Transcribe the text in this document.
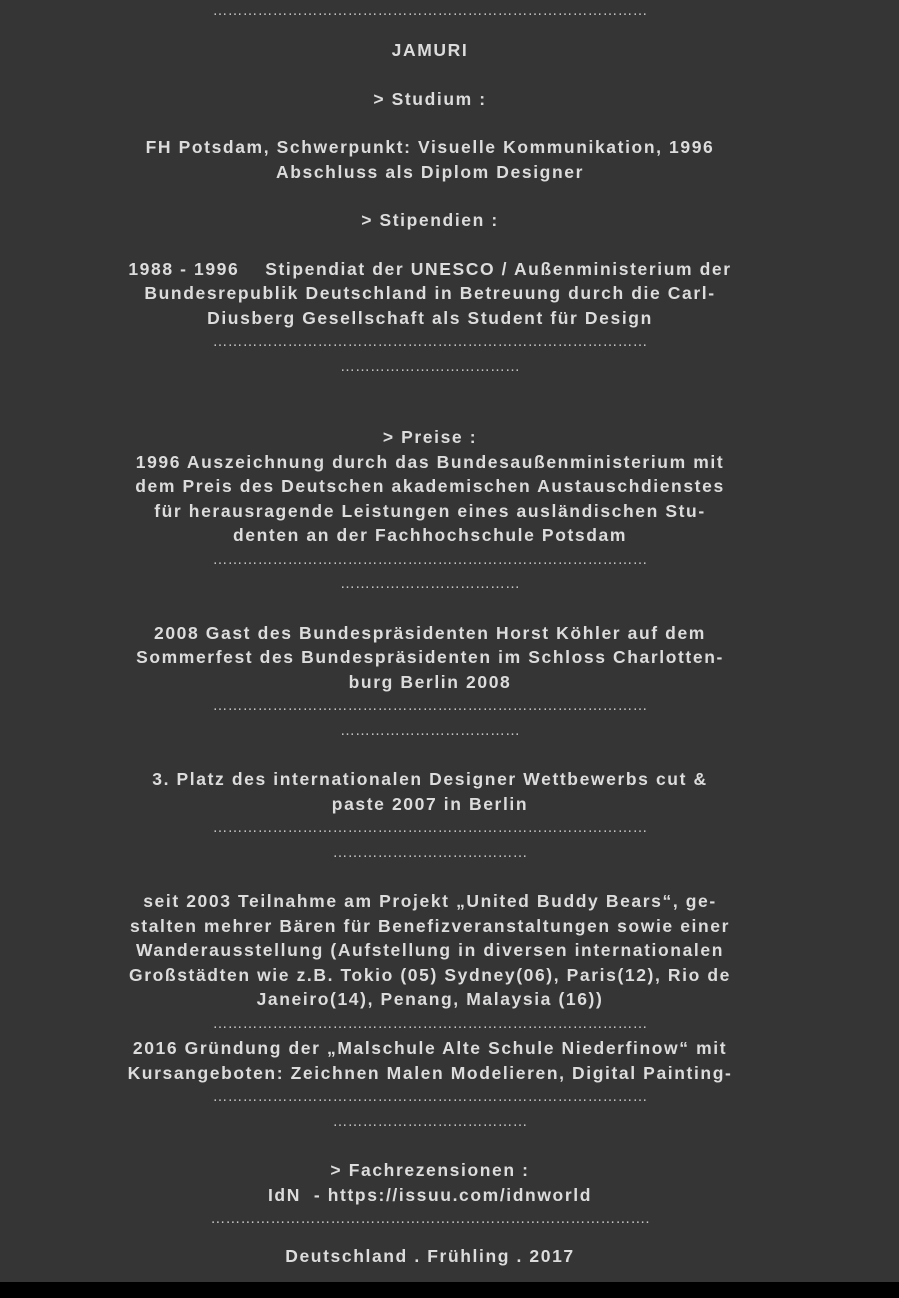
……………………………………………………………………………
JAMURI
> Studium :
FH Potsdam, Schwerpunkt: Visuelle Kommunikation, 1996
Abschluss als Diplom Designer
> Stipendien :
1988 - 1996    Stipendiat der UNESCO / Außenministerium der
Bundesrepublik Deutschland in Betreuung durch die Carl-
Diusberg Gesellschaft als Student für Design
……………………………………………………………………………
………………………………
> Preise :
1996 Auszeichnung durch das Bundesaußenministerium mit
dem Preis des Deutschen akademischen Austauschdienstes
für herausragende Leistungen eines ausländischen Stu-
denten an der Fachhochschule Potsdam
……………………………………………………………………………
………………………………
2008 Gast des Bundespräsidenten Horst Köhler auf dem
Sommerfest des Bundespräsidenten im Schloss Charlotten-
burg Berlin 2008
……………………………………………………………………………
………………………………
3. Platz des internationalen Designer Wettbewerbs cut &
paste 2007 in Berlin
……………………………………………………………………………
…………………………………
seit 2003 Teilnahme am Projekt „United Buddy Bears“, ge-
stalten mehrer Bären für Benefizveranstaltungen sowie einer
Wanderausstellung (Aufstellung in diversen internationalen
Großstädten wie z.B. Tokio (05) Sydney(06), Paris(12), Rio de
Janeiro(14), Penang, Malaysia (16))
……………………………………………………………………………
2016 Gründung der „Malschule Alte Schule Niederfinow“ mit
Kursangeboten: Zeichnen Malen Modelieren, Digital Painting-
……………………………………………………………………………
…………………………………
> Fachrezensionen :
IdN  - https://issuu.com/idnworld
…………………………………………………………………………….
Deutschland . Frühling . 2017
